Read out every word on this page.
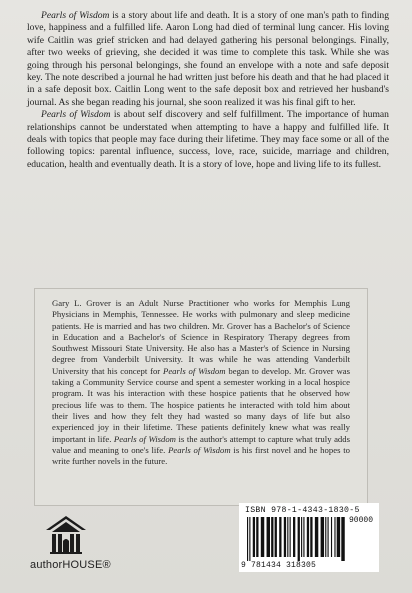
Pearls of Wisdom is a story about life and death. It is a story of one man's path to finding love, happiness and a fulfilled life. Aaron Long had died of terminal lung cancer. His loving wife Caitlin was grief stricken and had delayed gathering his personal belongings. Finally, after two weeks of grieving, she decided it was time to complete this task. While she was going through his personal belongings, she found an envelope with a note and safe deposit key. The note described a journal he had written just before his death and that he had placed it in a safe deposit box. Caitlin Long went to the safe deposit box and retrieved her husband's journal. As she began reading his journal, she soon realized it was his final gift to her.

Pearls of Wisdom is about self discovery and self fulfillment. The importance of human relationships cannot be understated when attempting to have a happy and fulfilled life. It deals with topics that people may face during their lifetime. They may face some or all of the following topics: parental influence, success, love, race, suicide, marriage and children, education, health and eventually death. It is a story of love, hope and living life to its fullest.

Gary L. Grover is an Adult Nurse Practitioner who works for Memphis Lung Physicians in Memphis, Tennessee. He works with pulmonary and sleep medicine patients. He is married and has two children. Mr. Grover has a Bachelor's of Science in Education and a Bachelor's of Science in Respiratory Therapy degrees from Southwest Missouri State University. He also has a Master's of Science in Nursing degree from Vanderbilt University. It was while he was attending Vanderbilt University that his concept for Pearls of Wisdom began to develop. Mr. Grover was taking a Community Service course and spent a semester working in a local hospice program. It was his interaction with these hospice patients that he observed how precious life was to them. The hospice patients he interacted with told him about their lives and how they felt they had wasted so many days of life but also experienced joy in their lifetime. These patients definitely knew what was really important in life. Pearls of Wisdom is the author's attempt to capture what truly adds value and meaning to one's life. Pearls of Wisdom is his first novel and he hopes to write further novels in the future.

authorHOUSE®
ISBN 978-1-4343-1830-5
90000
9 781434 318305
